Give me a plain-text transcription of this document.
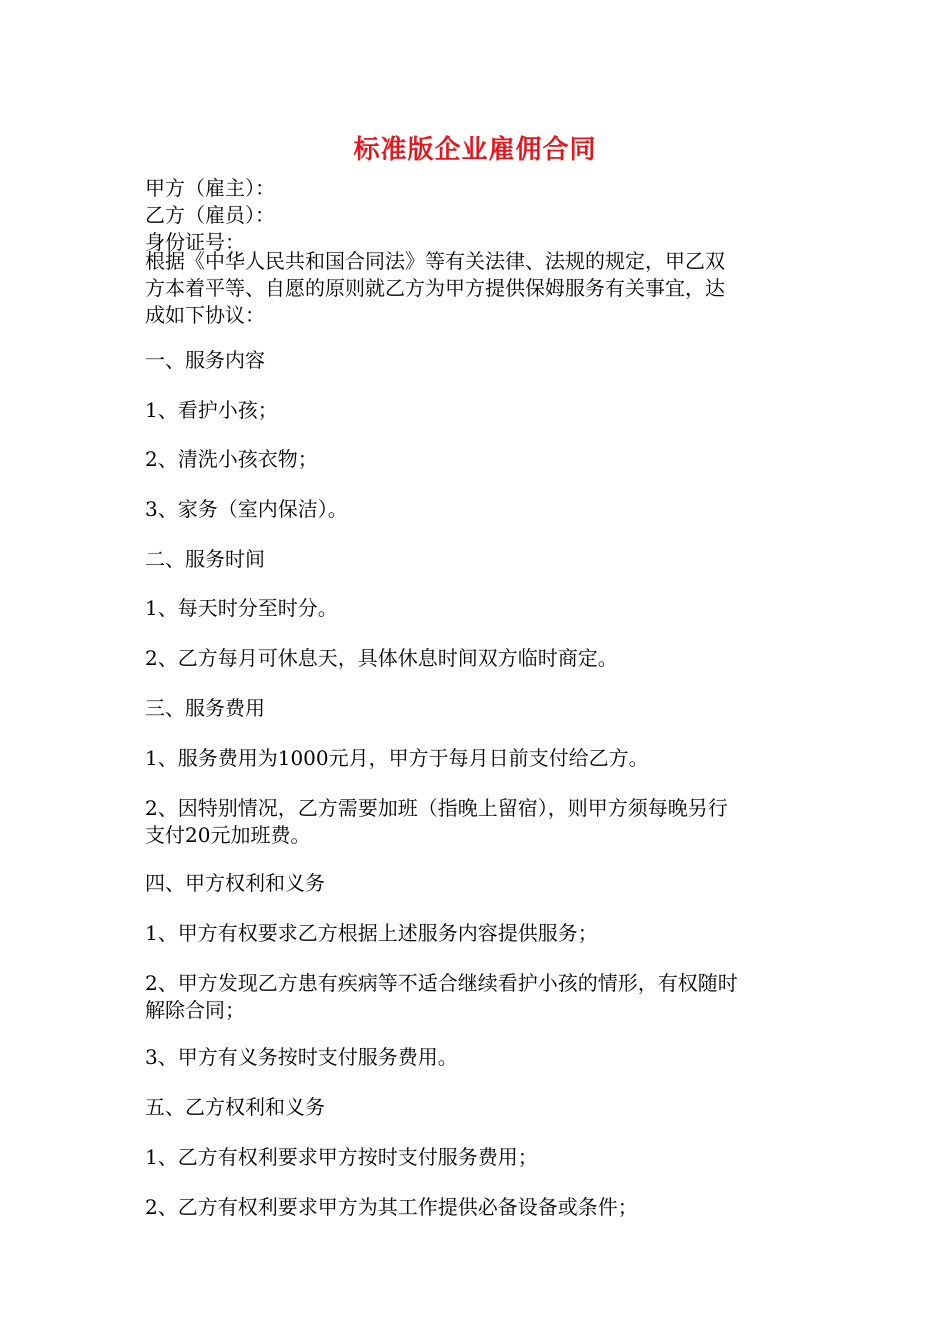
标准版企业雇佣合同

甲方（雇主）：
乙方（雇员）：
身份证号：

根据《中华人民共和国合同法》等有关法律、法规的规定，甲乙双
方本着平等、自愿的原则就乙方为甲方提供保姆服务有关事宜，达
成如下协议：

一、服务内容

1、看护小孩；

2、清洗小孩衣物；

3、家务（室内保洁）。

二、服务时间

1、每天时分至时分。

2、乙方每月可休息天，具体休息时间双方临时商定。

三、服务费用

1、服务费用为1000元月，甲方于每月日前支付给乙方。

2、因特别情况，乙方需要加班（指晚上留宿），则甲方须每晚另行
支付20元加班费。

四、甲方权利和义务

1、甲方有权要求乙方根据上述服务内容提供服务；

2、甲方发现乙方患有疾病等不适合继续看护小孩的情形，有权随时
解除合同；

3、甲方有义务按时支付服务费用。

五、乙方权利和义务

1、乙方有权利要求甲方按时支付服务费用；

2、乙方有权利要求甲方为其工作提供必备设备或条件；
